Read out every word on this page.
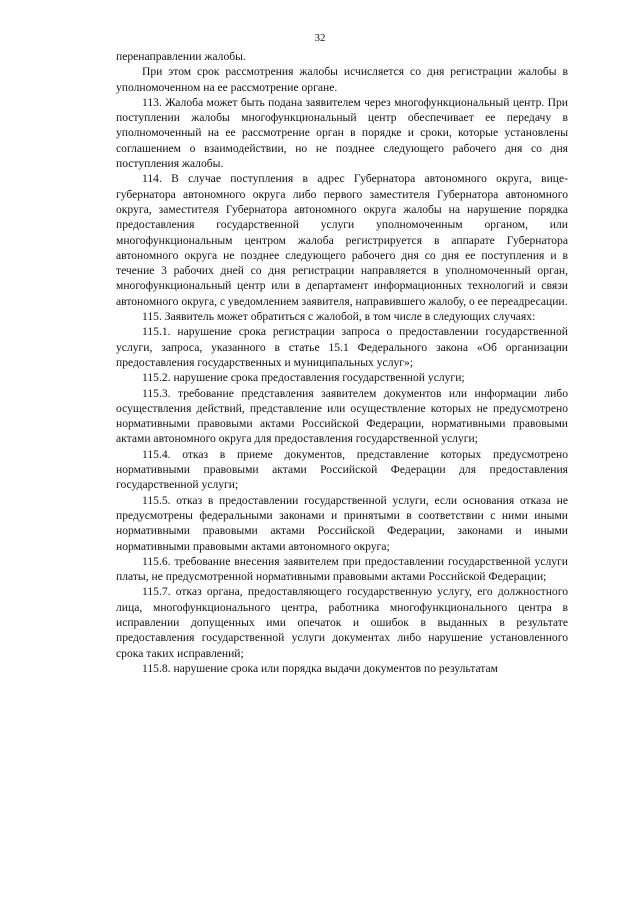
32

перенаправлении жалобы.

При этом срок рассмотрения жалобы исчисляется со дня регистрации жалобы в уполномоченном на ее рассмотрение органе.

113. Жалоба может быть подана заявителем через многофункциональный центр. При поступлении жалобы многофункциональный центр обеспечивает ее передачу в уполномоченный на ее рассмотрение орган в порядке и сроки, которые установлены соглашением о взаимодействии, но не позднее следующего рабочего дня со дня поступления жалобы.

114. В случае поступления в адрес Губернатора автономного округа, вице-губернатора автономного округа либо первого заместителя Губернатора автономного округа, заместителя Губернатора автономного округа жалобы на нарушение порядка предоставления государственной услуги уполномоченным органом, или многофункциональным центром жалоба регистрируется в аппарате Губернатора автономного округа не позднее следующего рабочего дня со дня ее поступления и в течение 3 рабочих дней со дня регистрации направляется в уполномоченный орган, многофункциональный центр или в департамент информационных технологий и связи автономного округа, с уведомлением заявителя, направившего жалобу, о ее переадресации.

115. Заявитель может обратиться с жалобой, в том числе в следующих случаях:

115.1. нарушение срока регистрации запроса о предоставлении государственной услуги, запроса, указанного в статье 15.1 Федерального закона «Об организации предоставления государственных и муниципальных услуг»;

115.2. нарушение срока предоставления государственной услуги;

115.3. требование представления заявителем документов или информации либо осуществления действий, представление или осуществление которых не предусмотрено нормативными правовыми актами Российской Федерации, нормативными правовыми актами автономного округа для предоставления государственной услуги;

115.4. отказ в приеме документов, представление которых предусмотрено нормативными правовыми актами Российской Федерации для предоставления государственной услуги;

115.5. отказ в предоставлении государственной услуги, если основания отказа не предусмотрены федеральными законами и принятыми в соответствии с ними иными нормативными правовыми актами Российской Федерации, законами и иными нормативными правовыми актами автономного округа;

115.6. требование внесения заявителем при предоставлении государственной услуги платы, не предусмотренной нормативными правовыми актами Российской Федерации;

115.7. отказ органа, предоставляющего государственную услугу, его должностного лица, многофункционального центра, работника многофункционального центра в исправлении допущенных ими опечаток и ошибок в выданных в результате предоставления государственной услуги документах либо нарушение установленного срока таких исправлений;

115.8. нарушение срока или порядка выдачи документов по результатам
